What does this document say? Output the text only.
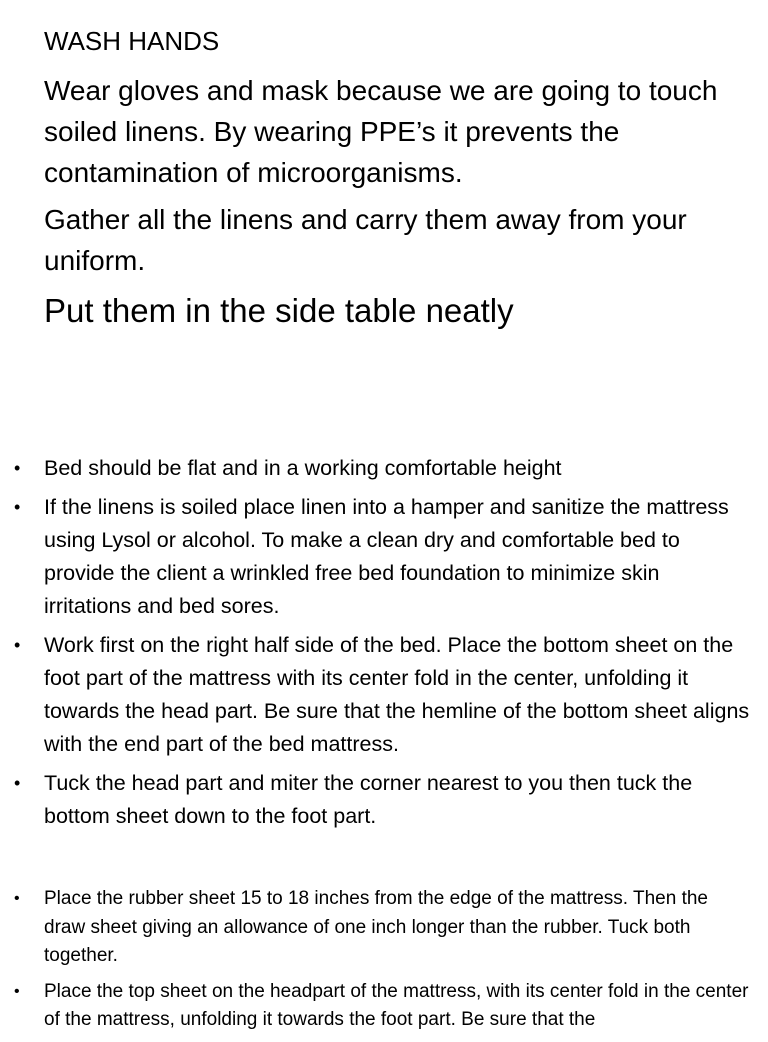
WASH HANDS

Wear gloves and mask because we are going to touch soiled linens. By wearing PPE’s it prevents the contamination of microorganisms.

Gather all the linens and carry them away from your uniform.

Put them in the side table neatly

• Bed should be flat and in a working comfortable height
• If the linens is soiled place linen into a hamper and sanitize the mattress using Lysol or alcohol. To make a clean dry and comfortable bed to provide the client a wrinkled free bed foundation to minimize skin irritations and bed sores.
• Work first on the right half side of the bed. Place the bottom sheet on the foot part of the mattress with its center fold in the center, unfolding it towards the head part. Be sure that the hemline of the bottom sheet aligns with the end part of the bed mattress.
• Tuck the head part and miter the corner nearest to you then tuck the bottom sheet down to the foot part.
• Place the rubber sheet 15 to 18 inches from the edge of the mattress. Then the draw sheet giving an allowance of one inch longer than the rubber. Tuck both together.
• Place the top sheet on the headpart of the mattress, with its center fold in the center of the mattress, unfolding it towards the foot part. Be sure that the
